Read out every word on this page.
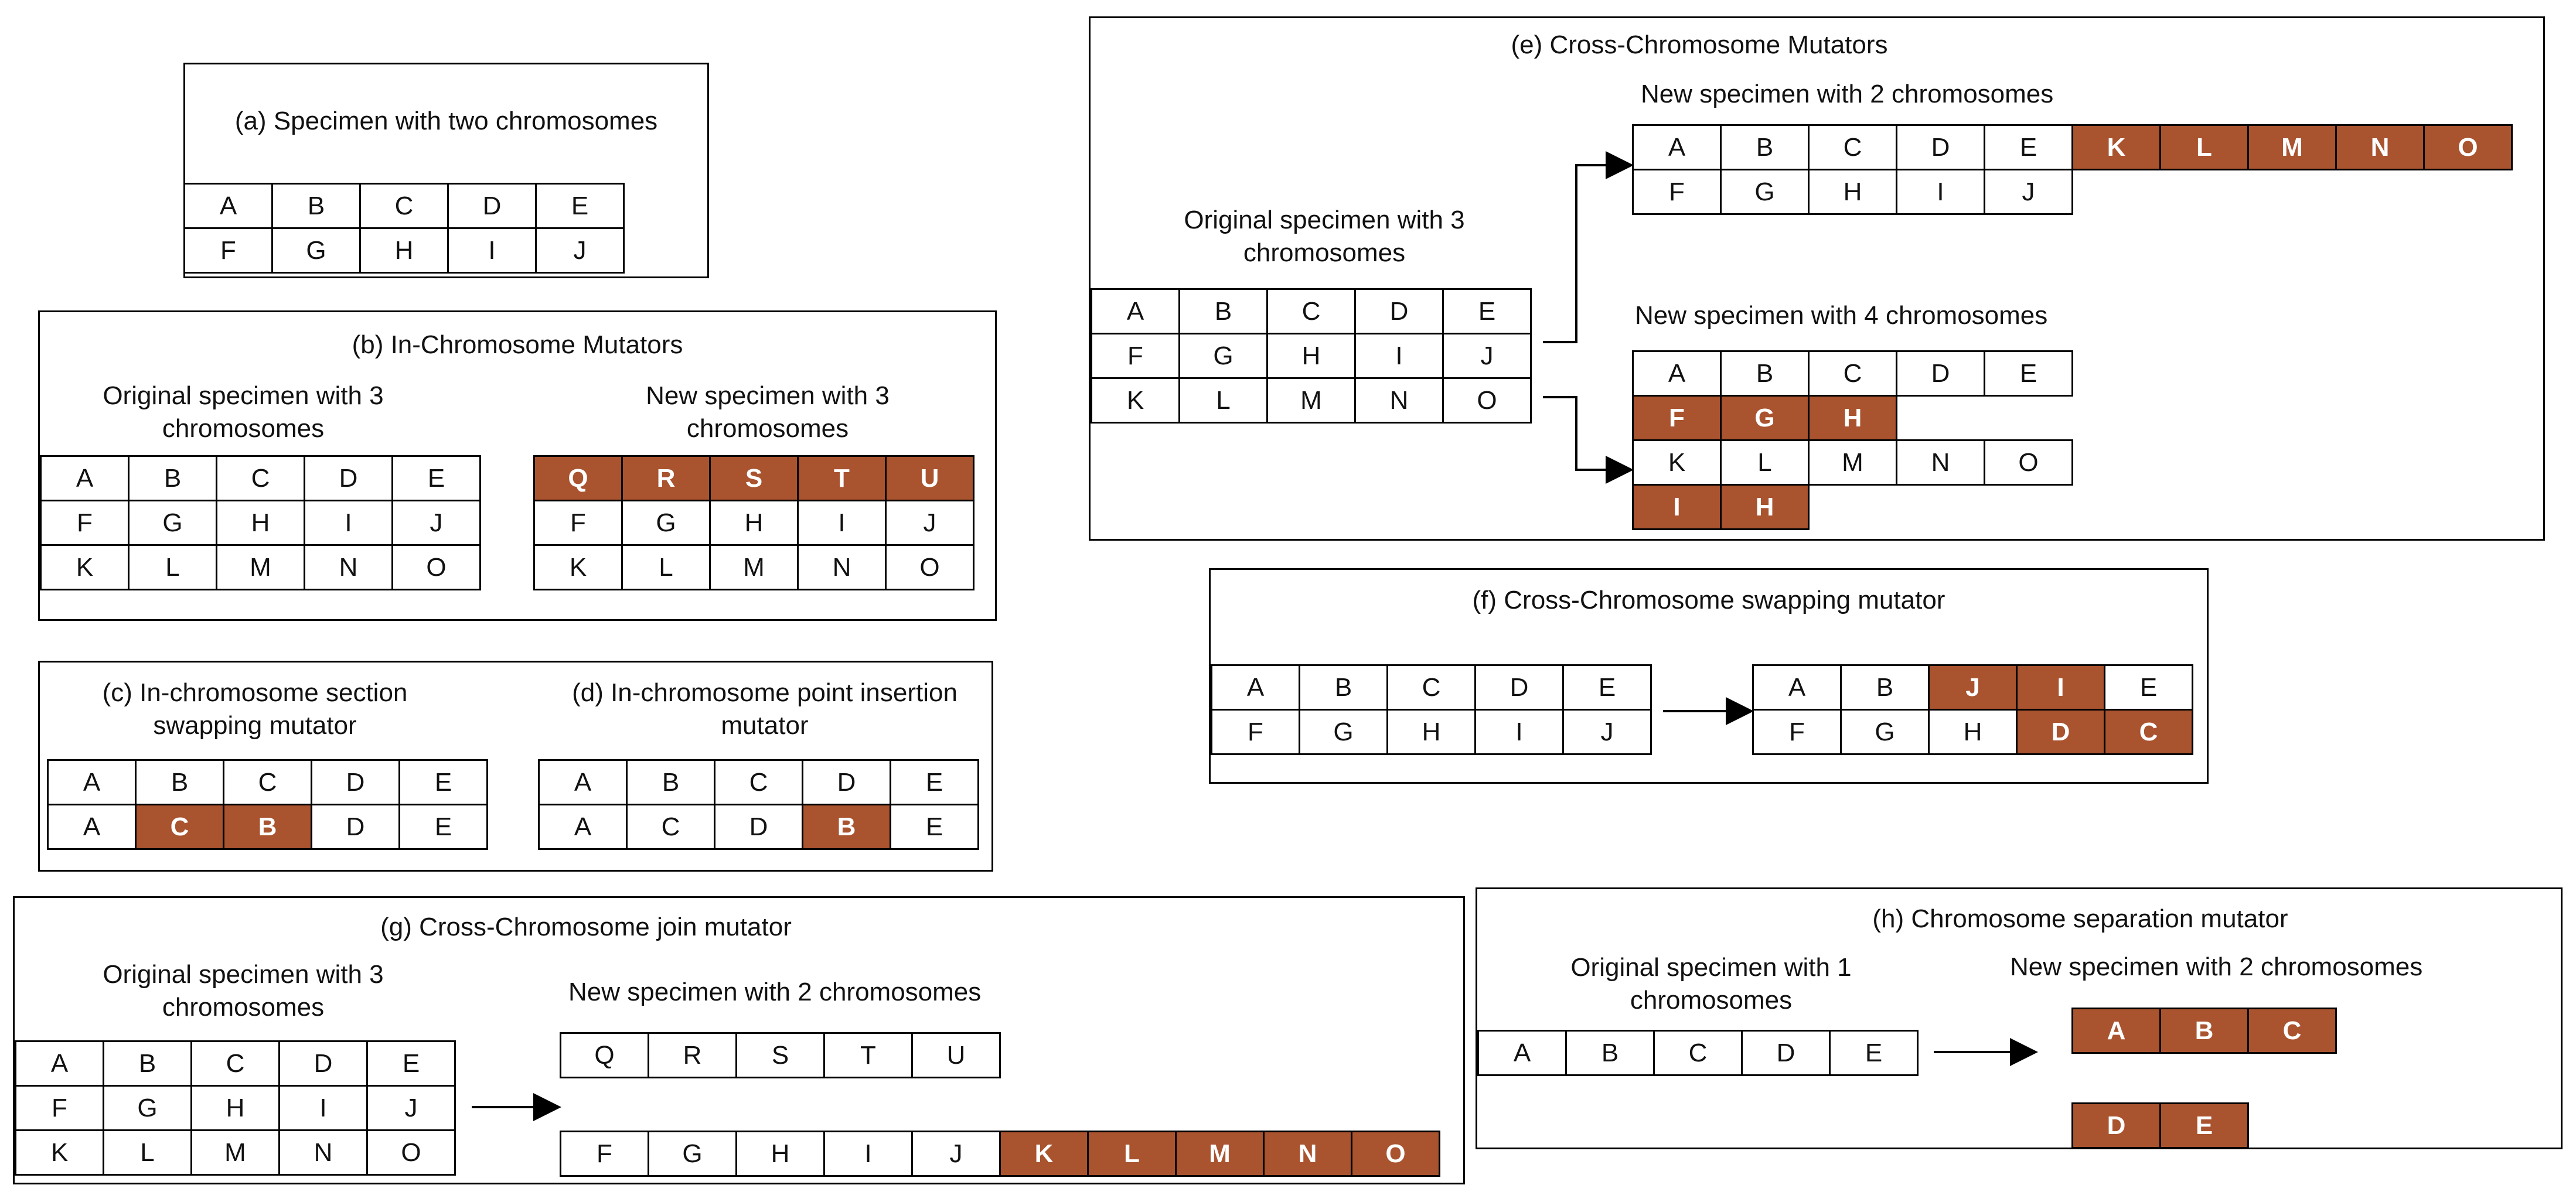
(a) Specimen with two chromosomes
A	B	C	D	E
F	G	H	I	J
(b) In-Chromosome Mutators
Original specimen with 3 chromosomes
New specimen with 3 chromosomes
A	B	C	D	E
F	G	H	I	J
K	L	M	N	O
Q	R	S	T	U
F	G	H	I	J
K	L	M	N	O
(c) In-chromosome section swapping mutator
A	B	C	D	E
A	C	B	D	E
(d) In-chromosome point insertion mutator
A	B	C	D	E
A	C	D	B	E
(e) Cross-Chromosome Mutators
New specimen with 2 chromosomes
Original specimen with 3 chromosomes
New specimen with 4 chromosomes
A	B	C	D	E
F	G	H	I	J
K	L	M	N	O
A	B	C	D	E	K	L	M	N	O
F	G	H	I	J					
A	B	C	D	E
F	G	H		
K	L	M	N	O
I	H			
(f) Cross-Chromosome swapping mutator
A	B	C	D	E
F	G	H	I	J
A	B	J	I	E
F	G	H	D	C
(g) Cross-Chromosome join mutator
Original specimen with 3 chromosomes
New specimen with 2 chromosomes
A	B	C	D	E
F	G	H	I	J
K	L	M	N	O
Q	R	S	T	U
F	G	H	I	J	K	L	M	N	O
(h) Chromosome separation mutator
Original specimen with 1 chromosomes
New specimen with 2 chromosomes
A	B	C	D	E
A	B	C
D	E
